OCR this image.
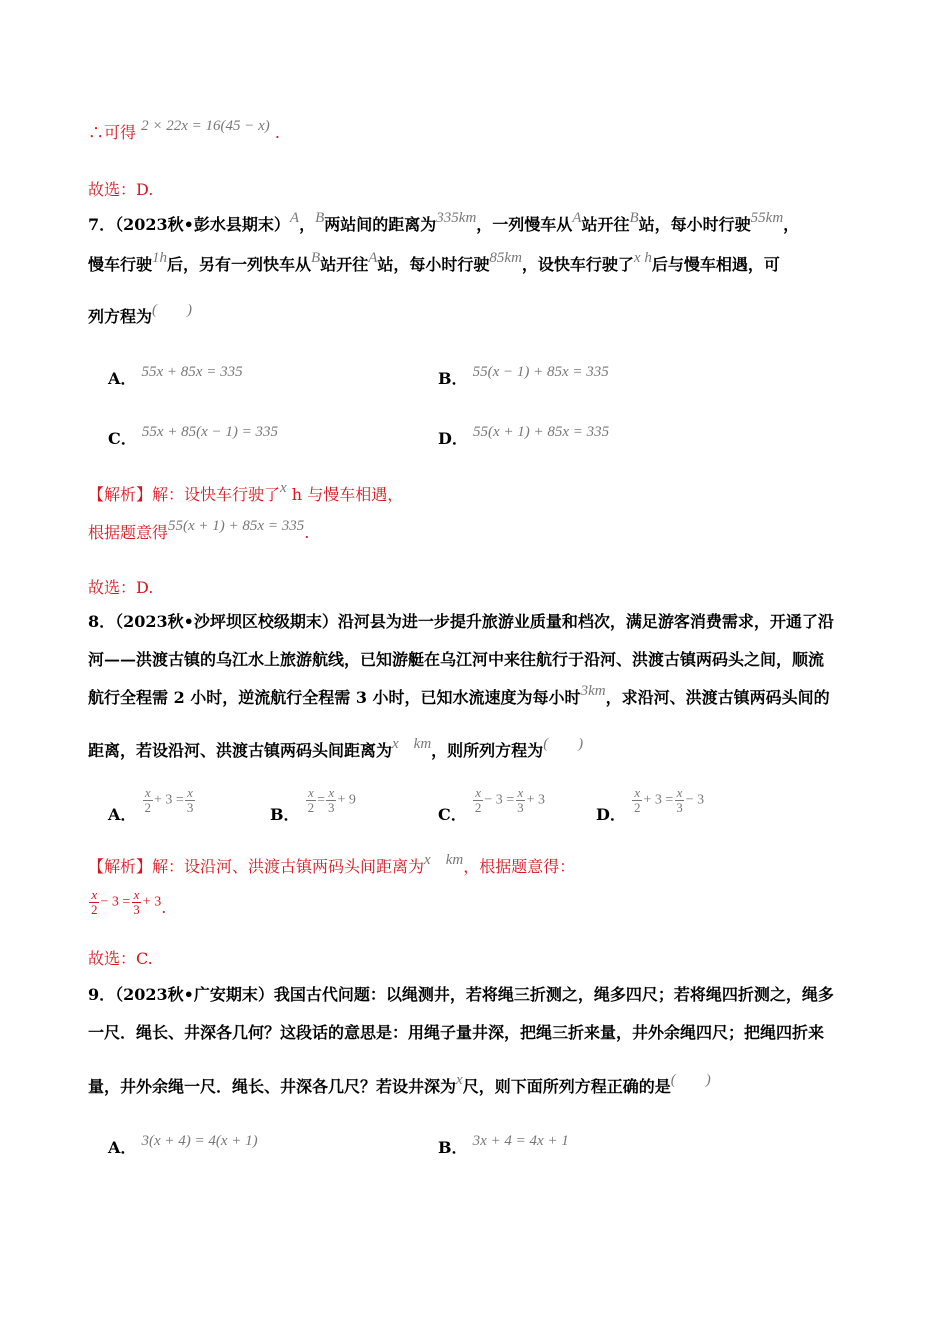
∴可得 2 × 22x = 16(45 − x) .
故选：D.
7．（2023秋•彭水县期末）A，B两站间的距离为335km，一列慢车从A站开往B站，每小时行驶55km，
慢车行驶1h后，另有一列快车从B站开往A站，每小时行驶85km，设快车行驶了x h后与慢车相遇，可
列方程为(　　)
A． 55x + 85x = 335	B． 55(x − 1) + 85x = 335
C． 55x + 85(x − 1) = 335	D． 55(x + 1) + 85x = 335
【解析】解：设快车行驶了x h 与慢车相遇，
根据题意得55(x + 1) + 85x = 335.
故选：D.
8．（2023秋•沙坪坝区校级期末）沿河县为进一步提升旅游业质量和档次，满足游客消费需求，开通了沿
河——洪渡古镇的乌江水上旅游航线，已知游艇在乌江河中来往航行于沿河、洪渡古镇两码头之间，顺流
航行全程需 2 小时，逆流航行全程需 3 小时，已知水流速度为每小时3km，求沿河、洪渡古镇两码头间的
距离，若设沿河、洪渡古镇两码头间距离为x　km，则所列方程为(　　)
A． $\frac{x}{2} + 3 = \frac{x}{3}$	B． $\frac{x}{2} = \frac{x}{3} + 9$
C． $\frac{x}{2} - 3 = \frac{x}{3} + 3$
D． $\frac{x}{2} + 3 = \frac{x}{3} - 3$
【解析】解：设沿河、洪渡古镇两码头间距离为x　km，根据题意得：
$\frac{x}{2} - 3 = \frac{x}{3} + 3$.
故选：C.
9．（2023秋•广安期末）我国古代问题：以绳测井，若将绳三折测之，绳多四尺；若将绳四折测之，绳多
一尺．绳长、井深各几何？这段话的意思是：用绳子量井深，把绳三折来量，井外余绳四尺；把绳四折来
量，井外余绳一尺．绳长、井深各几尺？若设井深为x尺，则下面所列方程正确的是(　　)
A． 3(x + 4) = 4(x + 1)	B． 3x + 4 = 4x + 1
